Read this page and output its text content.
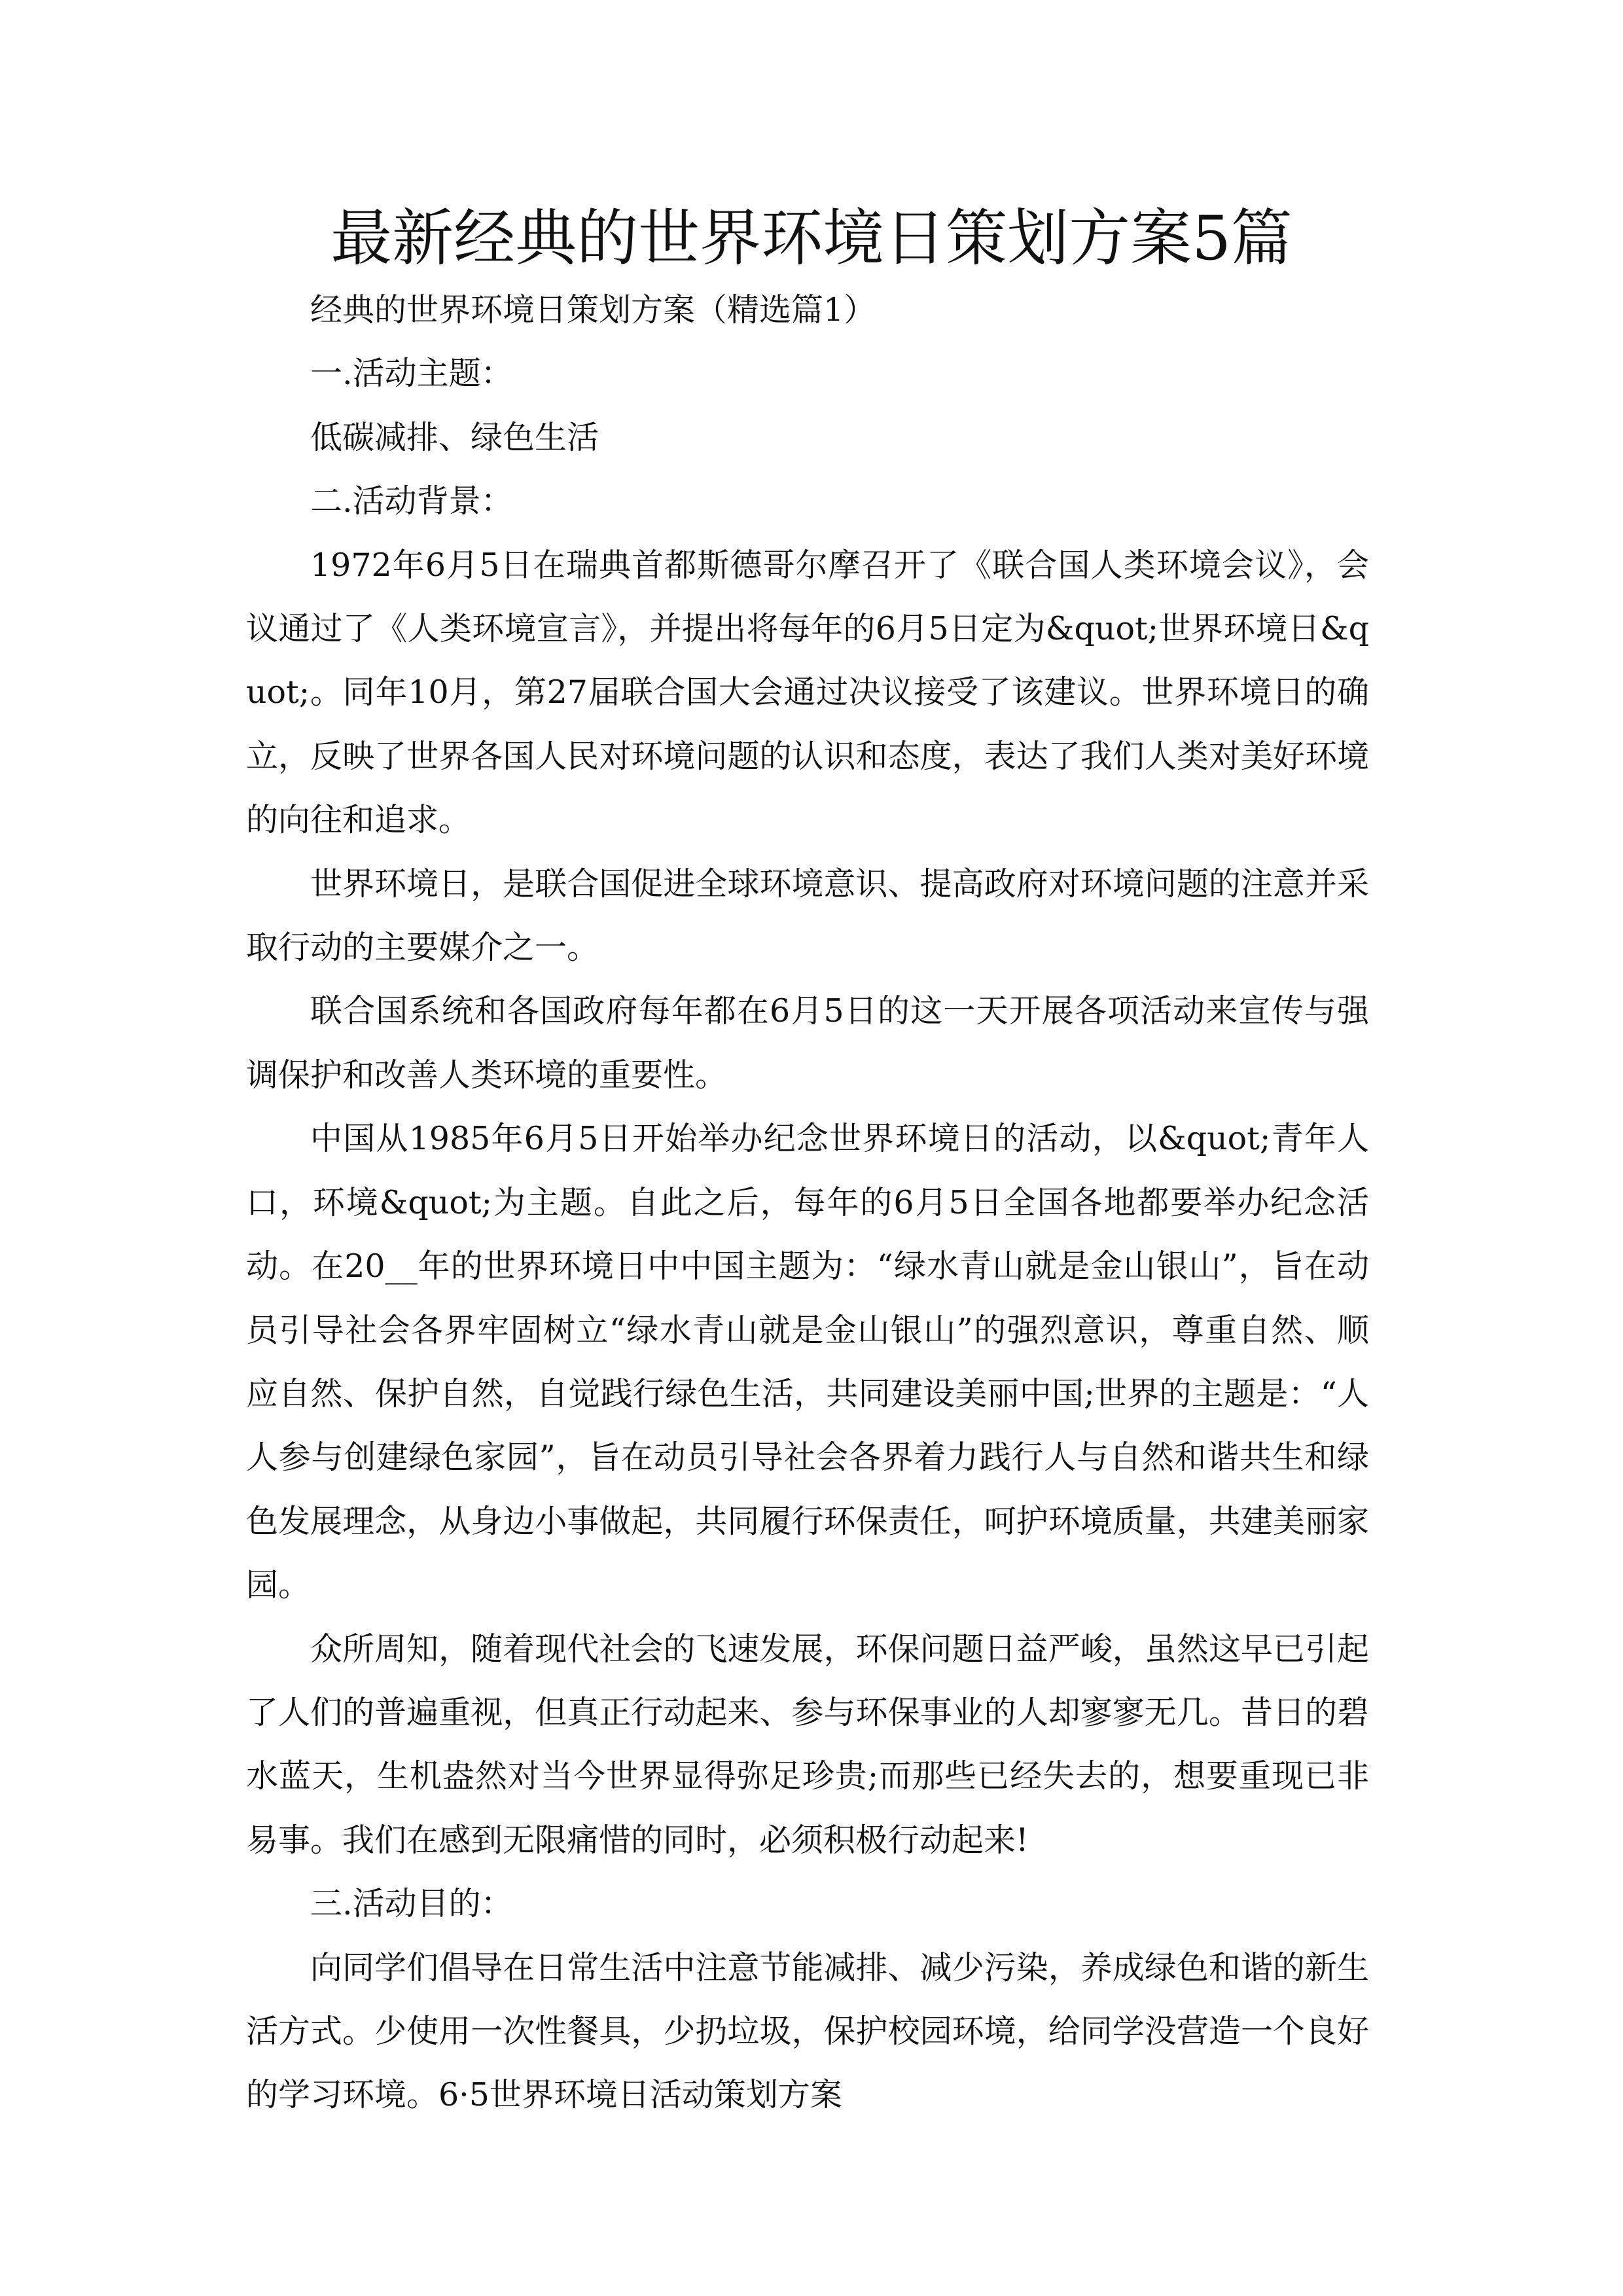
最新经典的世界环境日策划方案5篇

经典的世界环境日策划方案（精选篇1）

一.活动主题：

低碳减排、绿色生活

二.活动背景：

1972年6月5日在瑞典首都斯德哥尔摩召开了《联合国人类环境会议》，会议通过了《人类环境宣言》，并提出将每年的6月5日定为&quot;世界环境日&quot;。同年10月，第27届联合国大会通过决议接受了该建议。世界环境日的确立，反映了世界各国人民对环境问题的认识和态度，表达了我们人类对美好环境的向往和追求。

世界环境日，是联合国促进全球环境意识、提高政府对环境问题的注意并采取行动的主要媒介之一。

联合国系统和各国政府每年都在6月5日的这一天开展各项活动来宣传与强调保护和改善人类环境的重要性。

中国从1985年6月5日开始举办纪念世界环境日的活动，以&quot;青年人口，环境&quot;为主题。自此之后，每年的6月5日全国各地都要举办纪念活动。在20__年的世界环境日中中国主题为：“绿水青山就是金山银山”，旨在动员引导社会各界牢固树立“绿水青山就是金山银山”的强烈意识，尊重自然、顺应自然、保护自然，自觉践行绿色生活，共同建设美丽中国;世界的主题是：“人人参与创建绿色家园”，旨在动员引导社会各界着力践行人与自然和谐共生和绿色发展理念，从身边小事做起，共同履行环保责任，呵护环境质量，共建美丽家园。

众所周知，随着现代社会的飞速发展，环保问题日益严峻，虽然这早已引起了人们的普遍重视，但真正行动起来、参与环保事业的人却寥寥无几。昔日的碧水蓝天，生机盎然对当今世界显得弥足珍贵;而那些已经失去的，想要重现已非易事。我们在感到无限痛惜的同时，必须积极行动起来!

三.活动目的：

向同学们倡导在日常生活中注意节能减排、减少污染，养成绿色和谐的新生活方式。少使用一次性餐具，少扔垃圾，保护校园环境，给同学没营造一个良好的学习环境。6·5世界环境日活动策划方案
